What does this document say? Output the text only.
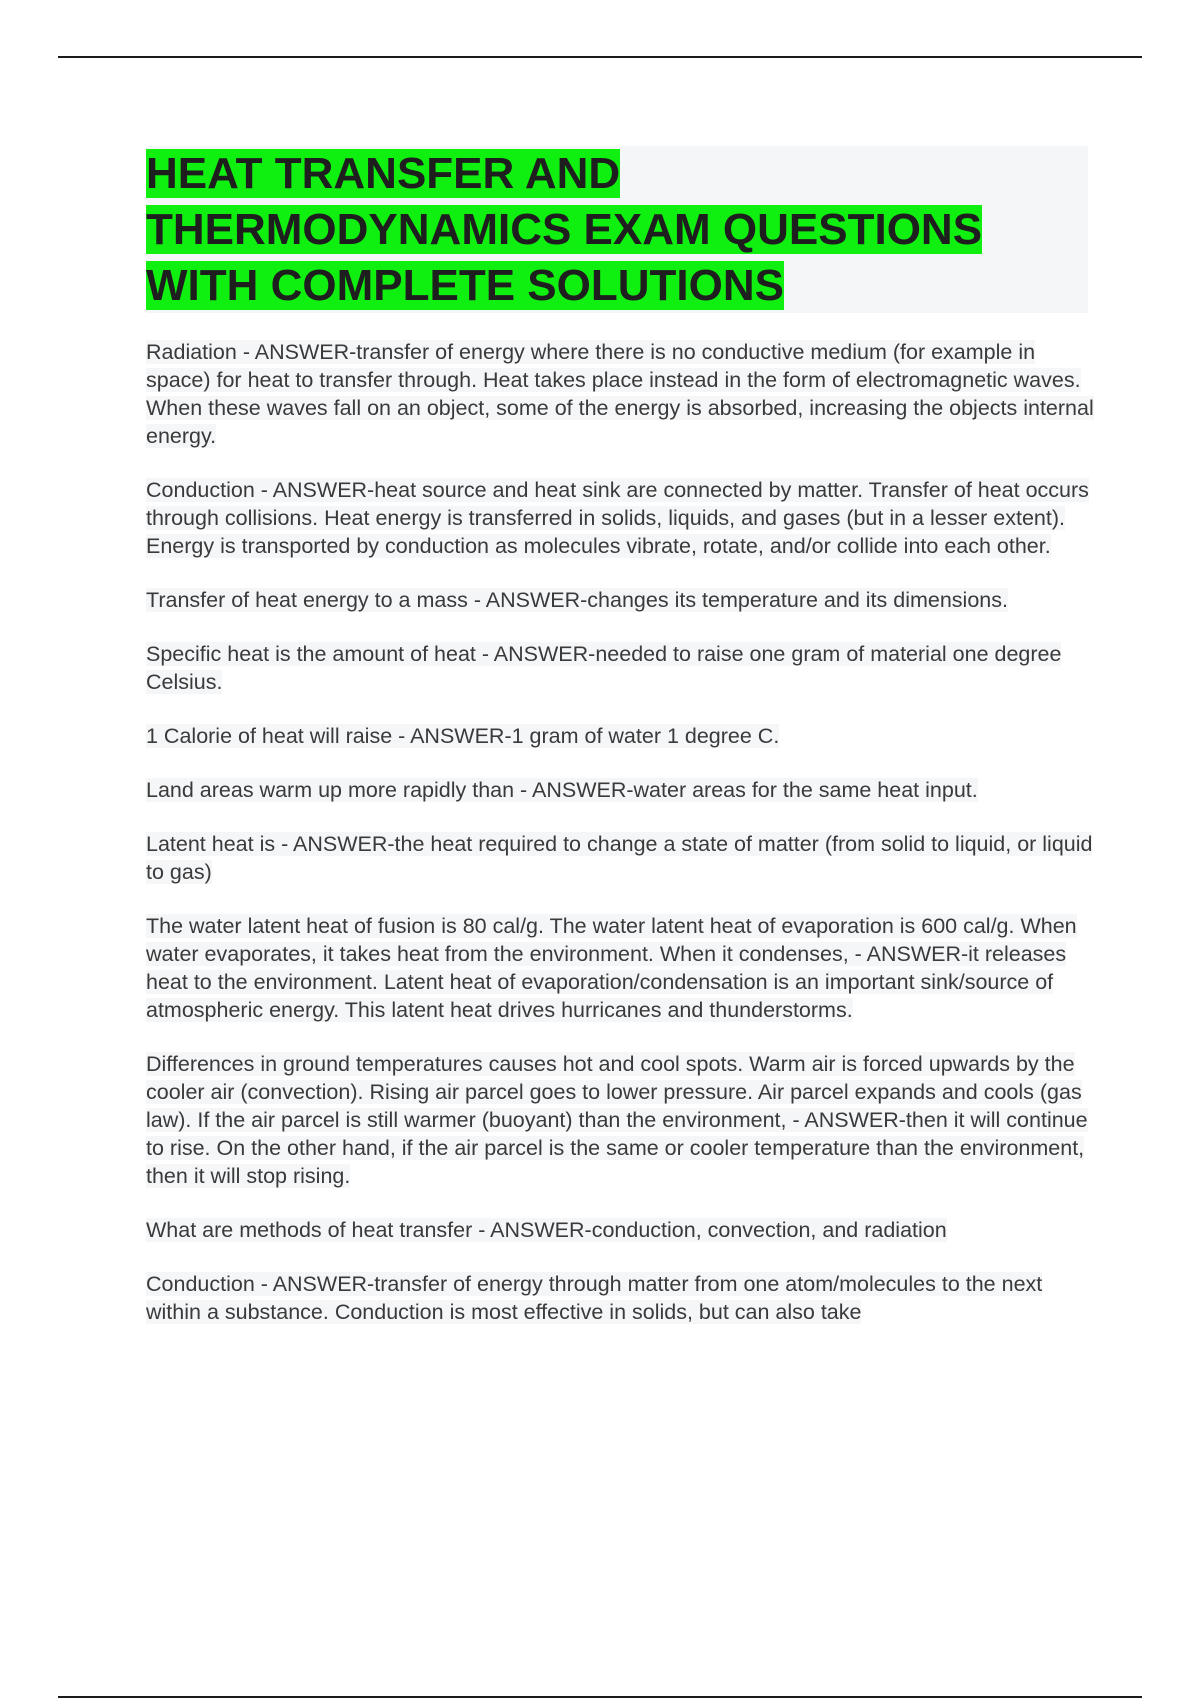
HEAT TRANSFER AND
THERMODYNAMICS EXAM QUESTIONS
WITH COMPLETE SOLUTIONS

Radiation - ANSWER-transfer of energy where there is no conductive medium (for example in space) for heat to transfer through. Heat takes place instead in the form of electromagnetic waves. When these waves fall on an object, some of the energy is absorbed, increasing the objects internal energy.

Conduction - ANSWER-heat source and heat sink are connected by matter. Transfer of heat occurs through collisions. Heat energy is transferred in solids, liquids, and gases (but in a lesser extent). Energy is transported by conduction as molecules vibrate, rotate, and/or collide into each other.

Transfer of heat energy to a mass - ANSWER-changes its temperature and its dimensions.

Specific heat is the amount of heat - ANSWER-needed to raise one gram of material one degree Celsius.

1 Calorie of heat will raise - ANSWER-1 gram of water 1 degree C.

Land areas warm up more rapidly than - ANSWER-water areas for the same heat input.

Latent heat is - ANSWER-the heat required to change a state of matter (from solid to liquid, or liquid to gas)

The water latent heat of fusion is 80 cal/g. The water latent heat of evaporation is 600 cal/g. When water evaporates, it takes heat from the environment. When it condenses, - ANSWER-it releases heat to the environment. Latent heat of evaporation/condensation is an important sink/source of atmospheric energy. This latent heat drives hurricanes and thunderstorms.

Differences in ground temperatures causes hot and cool spots. Warm air is forced upwards by the cooler air (convection). Rising air parcel goes to lower pressure. Air parcel expands and cools (gas law). If the air parcel is still warmer (buoyant) than the environment, - ANSWER-then it will continue to rise. On the other hand, if the air parcel is the same or cooler temperature than the environment, then it will stop rising.

What are methods of heat transfer - ANSWER-conduction, convection, and radiation

Conduction - ANSWER-transfer of energy through matter from one atom/molecules to the next within a substance. Conduction is most effective in solids, but can also take
